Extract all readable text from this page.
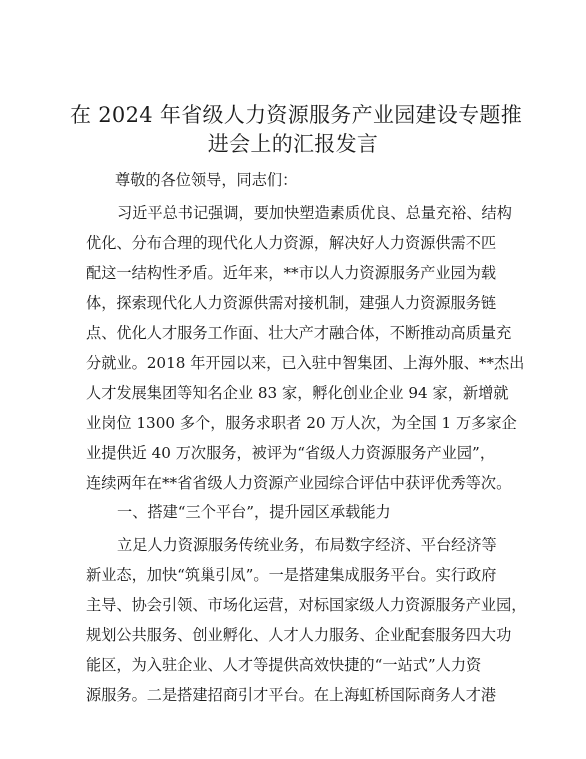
在 2024 年省级人力资源服务产业园建设专题推
进会上的汇报发言
尊敬的各位领导，同志们：
习近平总书记强调，要加快塑造素质优良、总量充裕、结构
优化、分布合理的现代化人力资源，解决好人力资源供需不匹
配这一结构性矛盾。近年来，**市以人力资源服务产业园为载
体，探索现代化人力资源供需对接机制，建强人力资源服务链
点、优化人才服务工作面、壮大产才融合体，不断推动高质量充
分就业。2018 年开园以来，已入驻中智集团、上海外服、**杰出
人才发展集团等知名企业 83 家，孵化创业企业 94 家，新增就
业岗位 1300 多个，服务求职者 20 万人次，为全国 1 万多家企
业提供近 40 万次服务，被评为“省级人力资源服务产业园”，
连续两年在**省省级人力资源产业园综合评估中获评优秀等次。
一、搭建“三个平台”，提升园区承载能力
立足人力资源服务传统业务，布局数字经济、平台经济等
新业态，加快“筑巢引凤”。一是搭建集成服务平台。实行政府
主导、协会引领、市场化运营，对标国家级人力资源服务产业园，
规划公共服务、创业孵化、人才人力服务、企业配套服务四大功
能区，为入驻企业、人才等提供高效快捷的“一站式”人力资
源服务。二是搭建招商引才平台。在上海虹桥国际商务人才港
